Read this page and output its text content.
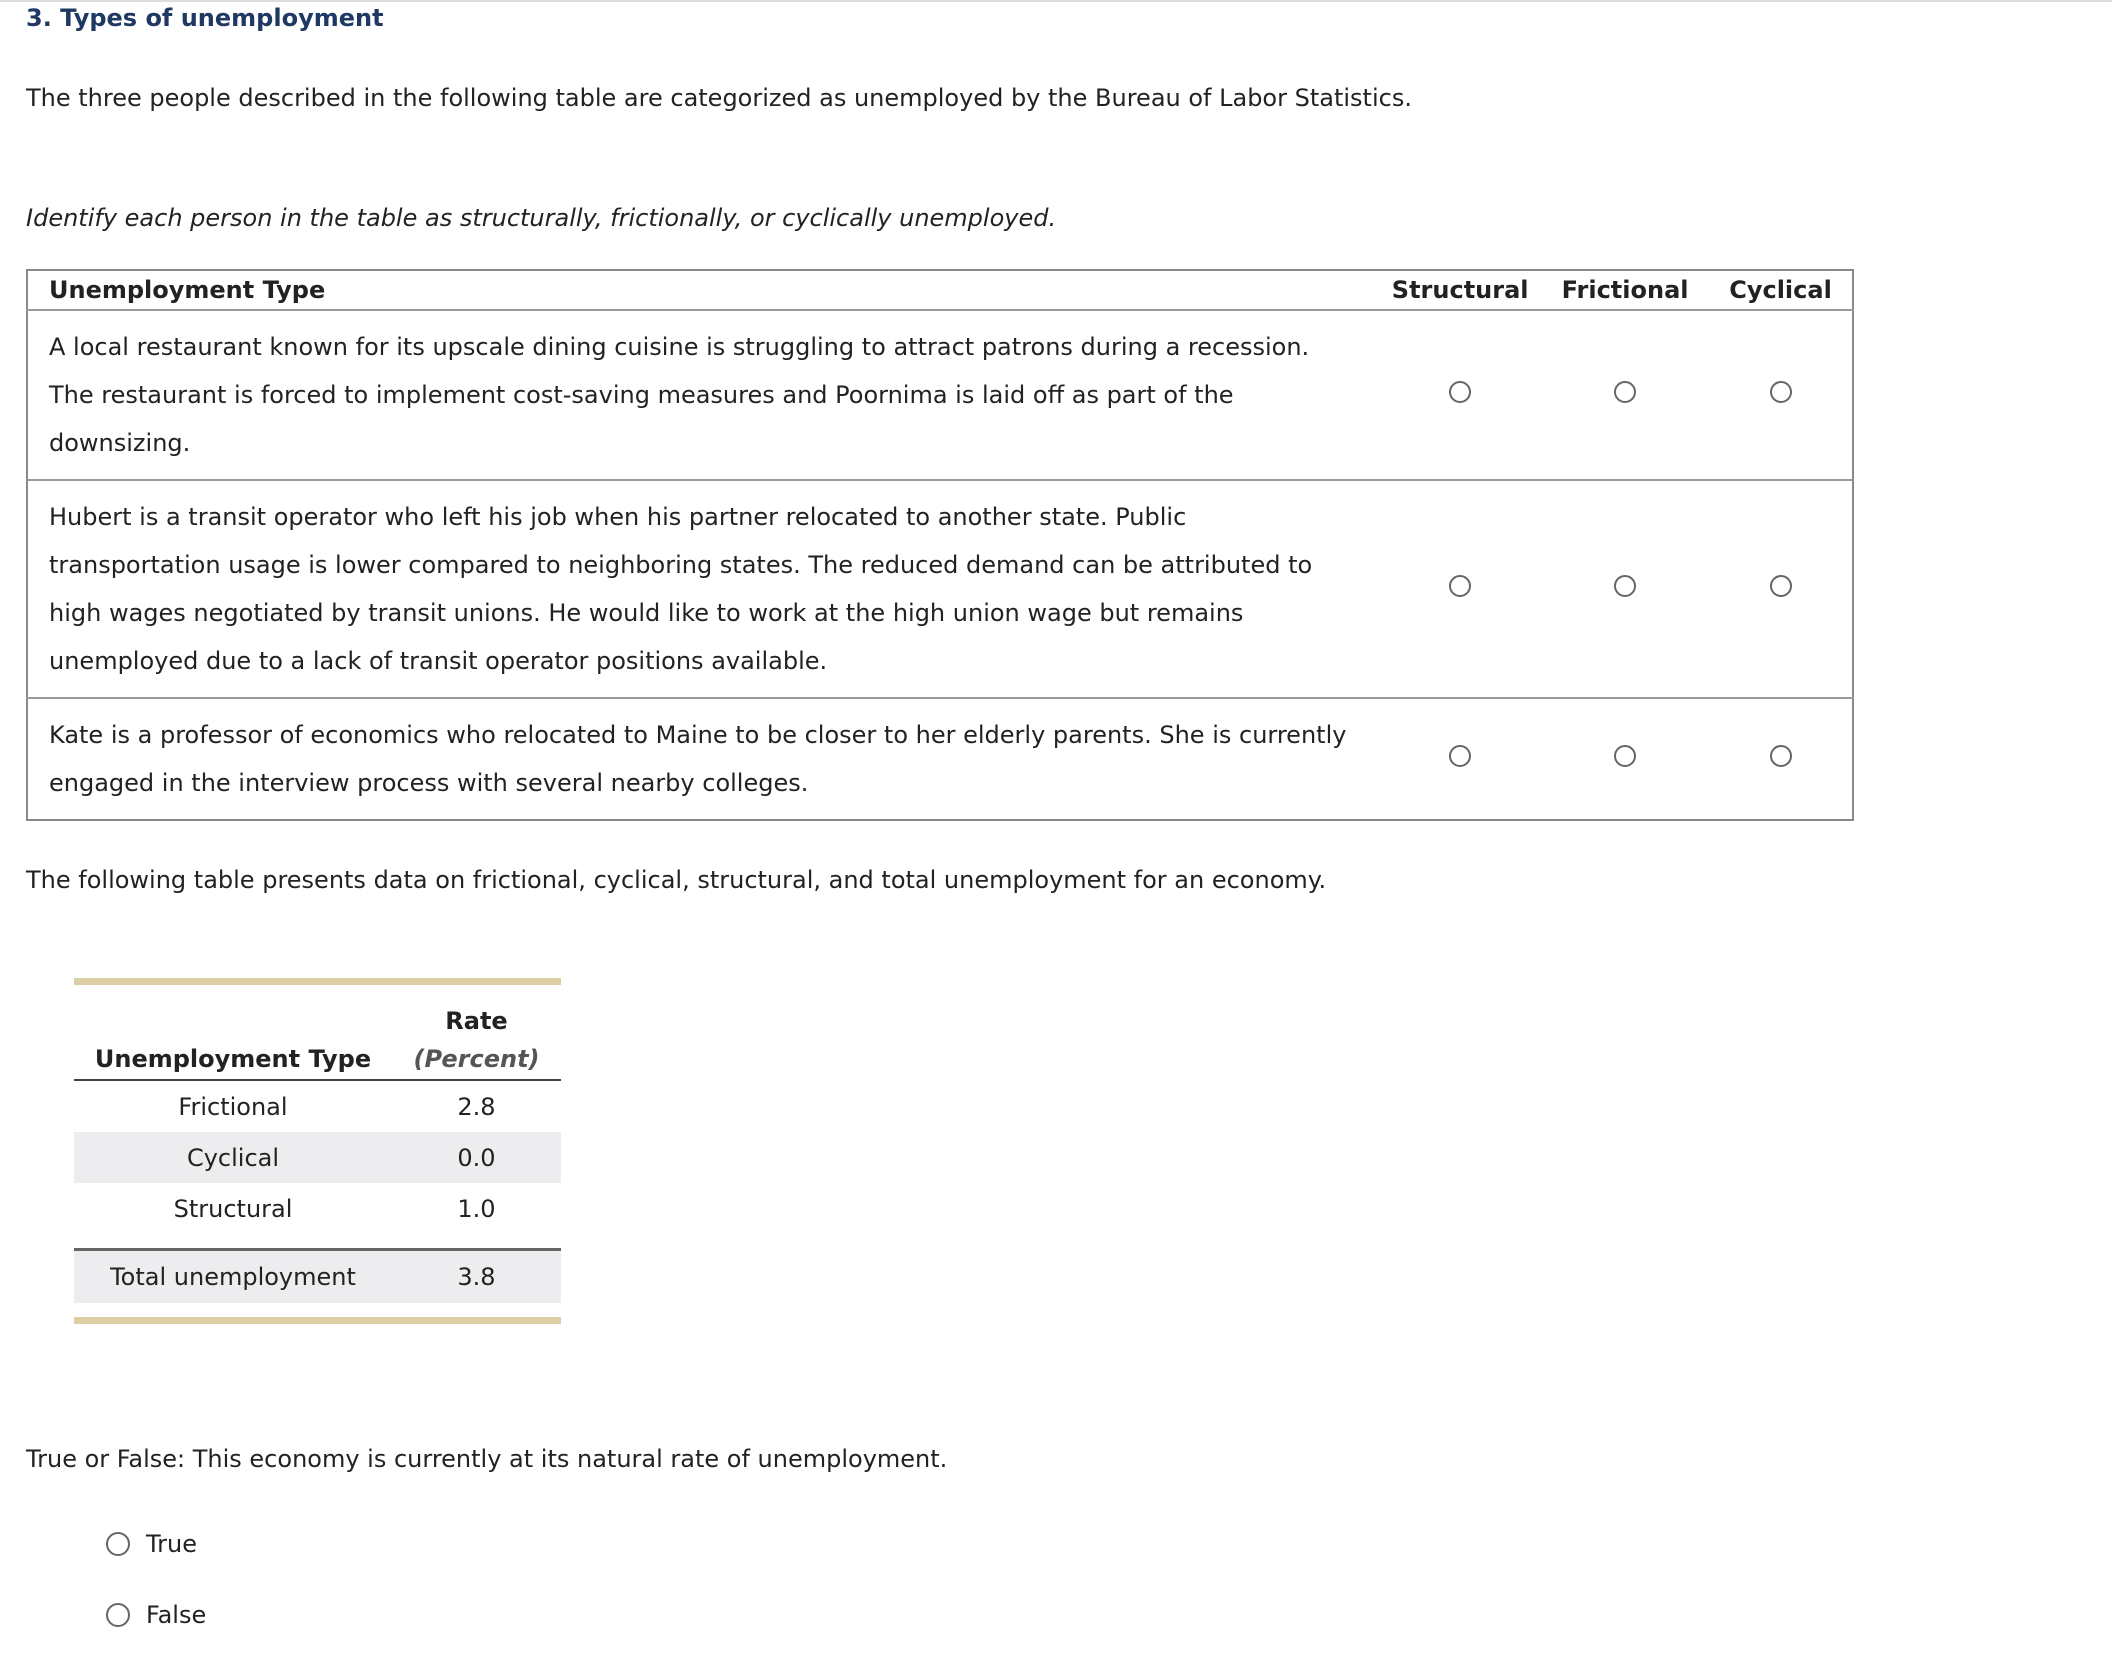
3. Types of unemployment

The three people described in the following table are categorized as unemployed by the Bureau of Labor Statistics.

Identify each person in the table as structurally, frictionally, or cyclically unemployed.

Unemployment Type	Structural	Frictional	Cyclical
A local restaurant known for its upscale dining cuisine is struggling to attract patrons during a recession. The restaurant is forced to implement cost-saving measures and Poornima is laid off as part of the downsizing.			
Hubert is a transit operator who left his job when his partner relocated to another state. Public transportation usage is lower compared to neighboring states. The reduced demand can be attributed to high wages negotiated by transit unions. He would like to work at the high union wage but remains unemployed due to a lack of transit operator positions available.			
Kate is a professor of economics who relocated to Maine to be closer to her elderly parents. She is currently engaged in the interview process with several nearby colleges.			

The following table presents data on frictional, cyclical, structural, and total unemployment for an economy.

	Rate
Unemployment Type	(Percent)
Frictional	2.8
Cyclical	0.0
Structural	1.0

Total unemployment	3.8

True or False: This economy is currently at its natural rate of unemployment.

True
False
